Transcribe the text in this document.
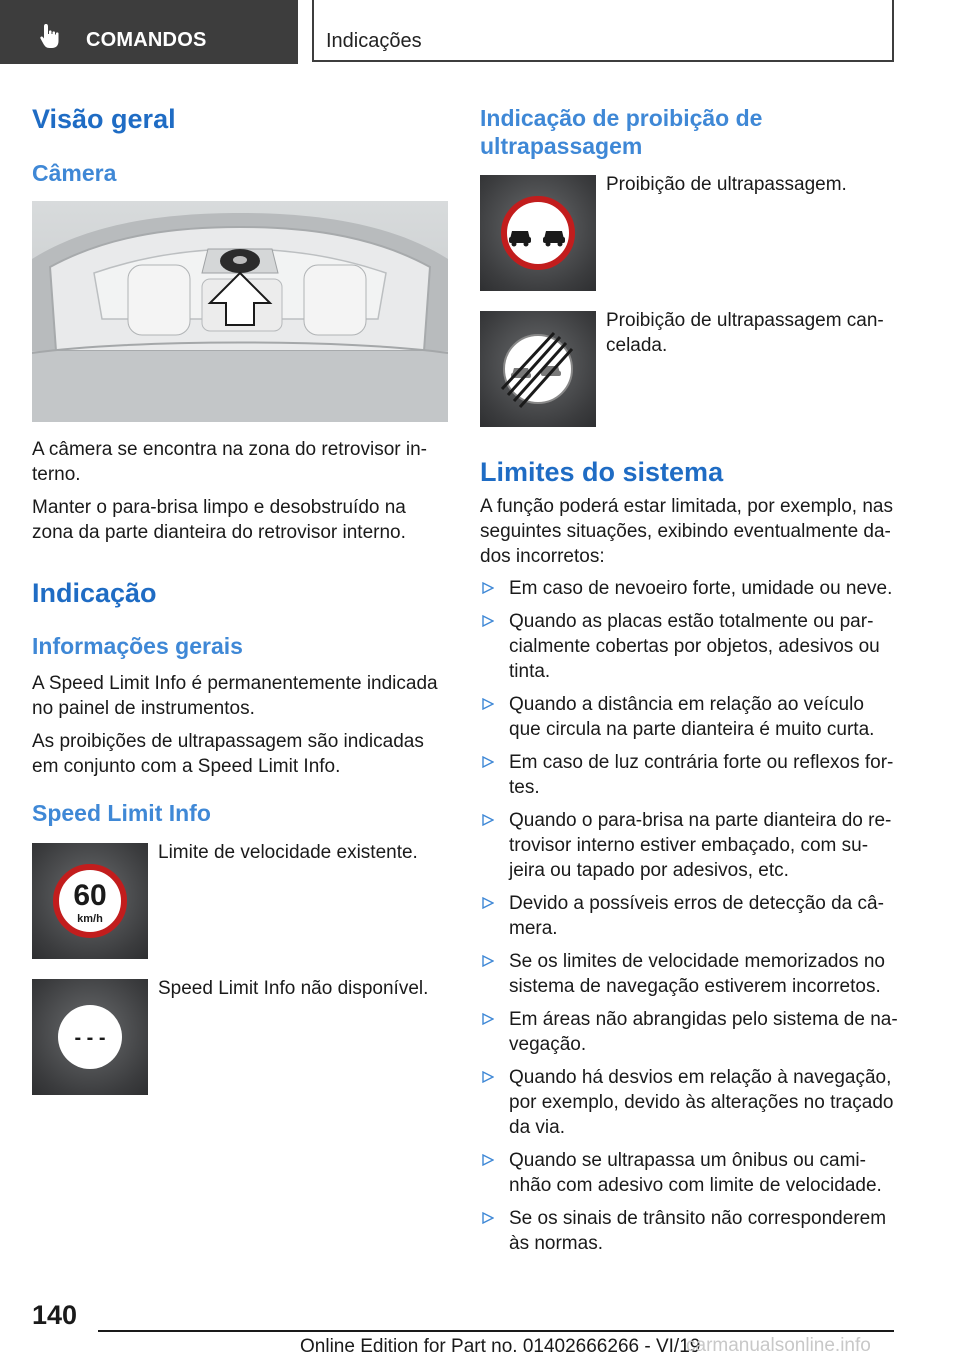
COMANDOS	Indicações
Visão geral
Câmera

A câmera se encontra na zona do retrovisor in-terno.

Manter o para-brisa limpo e desobstruído na zona da parte dianteira do retrovisor interno.

Indicação
Informações gerais

A Speed Limit Info é permanentemente indicada no painel de instrumentos.

As proibições de ultrapassagem são indicadas em conjunto com a Speed Limit Info.

Speed Limit Info
60
km/h

Limite de velocidade existente.

- - -

Speed Limit Info não disponível.

Indicação de proibição de ultrapassagem

Proibição de ultrapassagem.

Proibição de ultrapassagem can-celada.

Limites do sistema

A função poderá estar limitada, por exemplo, nas seguintes situações, exibindo eventualmente da-dos incorretos:

Em caso de nevoeiro forte, umidade ou neve.
Quando as placas estão totalmente ou par-cialmente cobertas por objetos, adesivos ou tinta.
Quando a distância em relação ao veículo que circula na parte dianteira é muito curta.
Em caso de luz contrária forte ou reflexos for-tes.
Quando o para-brisa na parte dianteira do re-trovisor interno estiver embaçado, com su-jeira ou tapado por adesivos, etc.
Devido a possíveis erros de detecção da câ-mera.
Se os limites de velocidade memorizados no sistema de navegação estiverem incorretos.
Em áreas não abrangidas pelo sistema de na-vegação.
Quando há desvios em relação à navegação, por exemplo, devido às alterações no traçado da via.
Quando se ultrapassa um ônibus ou cami-nhão com adesivo com limite de velocidade.
Se os sinais de trânsito não corresponderem às normas.
140
Online Edition for Part no. 01402666266 - VI/19
carmanualsonline.info
